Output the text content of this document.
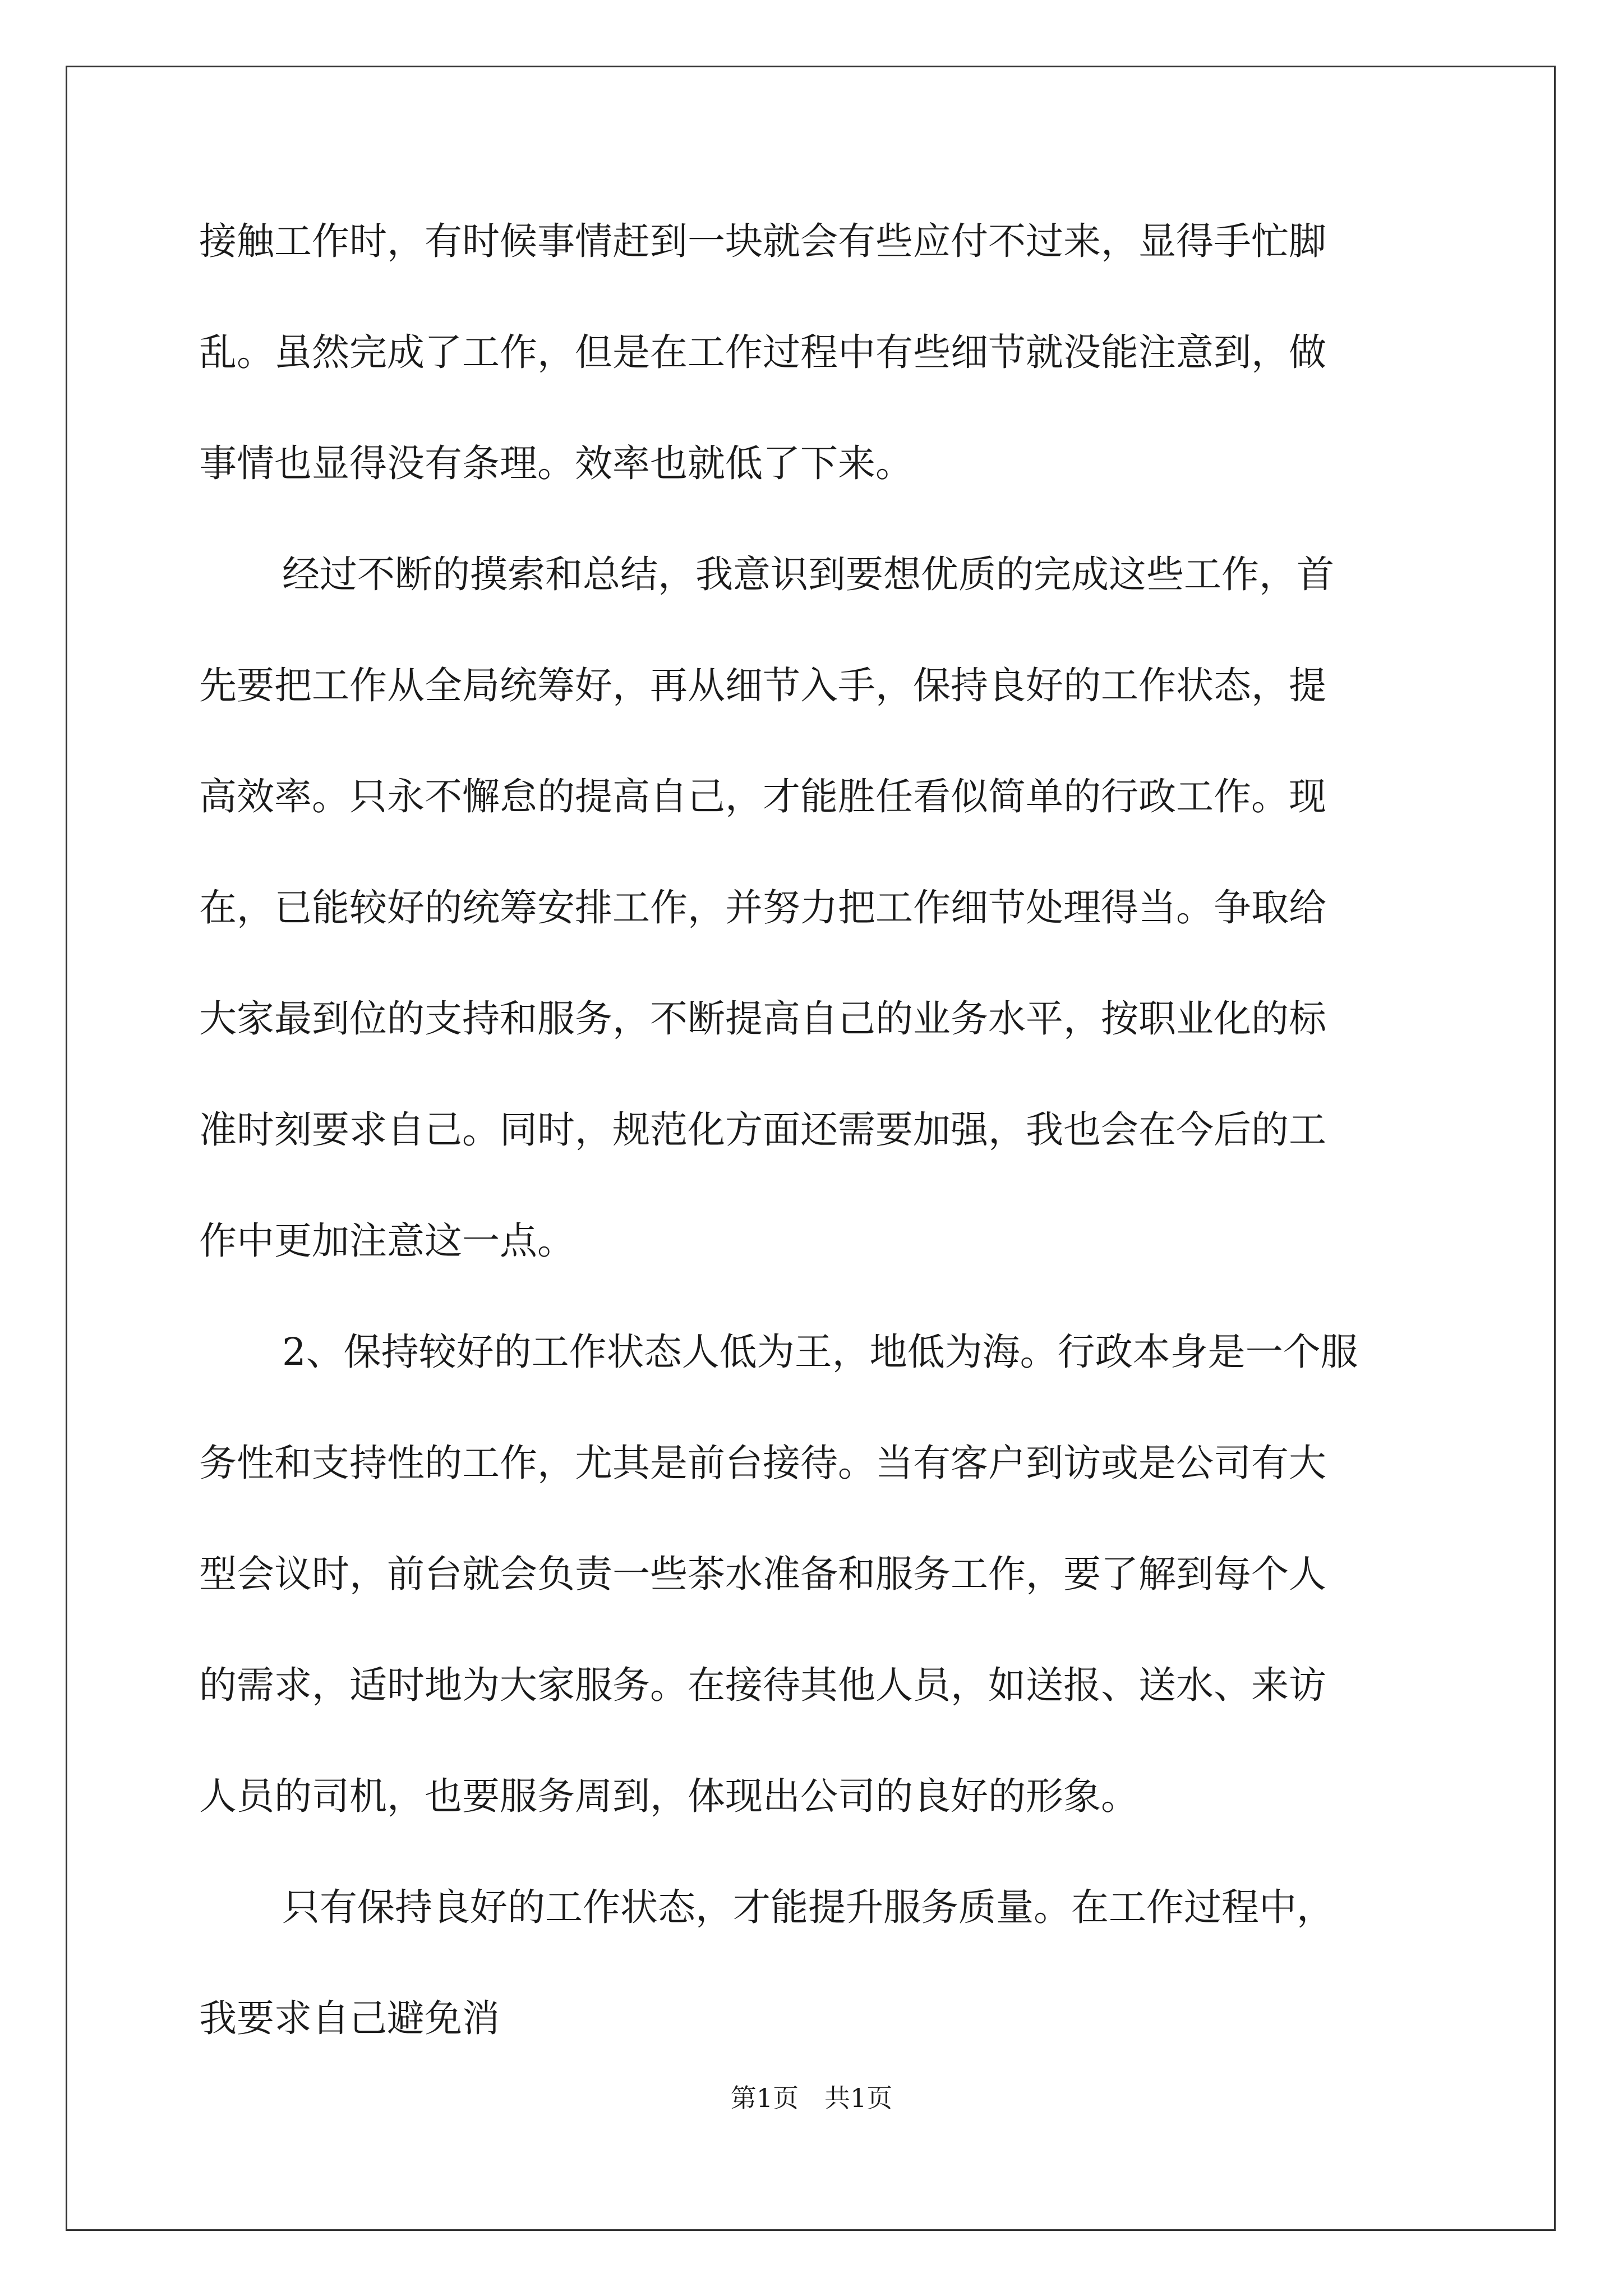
接触工作时，有时候事情赶到一块就会有些应付不过来，显得手忙脚
乱。虽然完成了工作，但是在工作过程中有些细节就没能注意到，做
事情也显得没有条理。效率也就低了下来。
经过不断的摸索和总结，我意识到要想优质的完成这些工作，首
先要把工作从全局统筹好，再从细节入手，保持良好的工作状态，提
高效率。只永不懈怠的提高自己，才能胜任看似简单的行政工作。现
在，已能较好的统筹安排工作，并努力把工作细节处理得当。争取给
大家最到位的支持和服务，不断提高自己的业务水平，按职业化的标
准时刻要求自己。同时，规范化方面还需要加强，我也会在今后的工
作中更加注意这一点。
2、保持较好的工作状态人低为王，地低为海。行政本身是一个服
务性和支持性的工作，尤其是前台接待。当有客户到访或是公司有大
型会议时，前台就会负责一些茶水准备和服务工作，要了解到每个人
的需求，适时地为大家服务。在接待其他人员，如送报、送水、来访
人员的司机，也要服务周到，体现出公司的良好的形象。
只有保持良好的工作状态，才能提升服务质量。在工作过程中，
我要求自己避免消
第1页　共1页
